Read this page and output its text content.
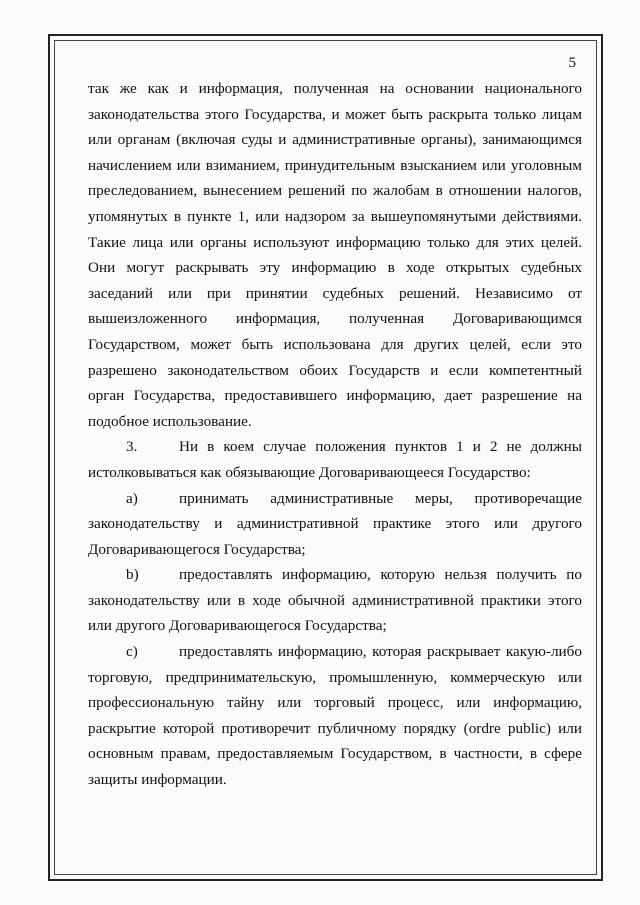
5

так же как и информация, полученная на основании национального
законодательства этого Государства, и может быть раскрыта только лицам
или органам (включая суды и административные органы), занимающимся
начислением или взиманием, принудительным взысканием или уголовным
преследованием, вынесением решений по жалобам в отношении налогов,
упомянутых в пункте 1, или надзором за вышеупомянутыми действиями.
Такие лица или органы используют информацию только для этих целей.
Они могут раскрывать эту информацию в ходе открытых судебных
заседаний или при принятии судебных решений. Независимо от
вышеизложенного информация, полученная Договаривающимся
Государством, может быть использована для других целей, если это
разрешено законодательством обоих Государств и если компетентный
орган Государства, предоставившего информацию, дает разрешение на
подобное использование.

3.	Ни в коем случае положения пунктов 1 и 2 не должны
истолковываться как обязывающие Договаривающееся Государство:

a)	принимать административные меры, противоречащие
законодательству и административной практике этого или другого
Договаривающегося Государства;

b)	предоставлять информацию, которую нельзя получить по
законодательству или в ходе обычной административной практики этого
или другого Договаривающегося Государства;

c)	предоставлять информацию, которая раскрывает какую-либо
торговую, предпринимательскую, промышленную, коммерческую или
профессиональную тайну или торговый процесс, или информацию,
раскрытие которой противоречит публичному порядку (ordre public) или
основным правам, предоставляемым Государством, в частности, в сфере
защиты информации.
